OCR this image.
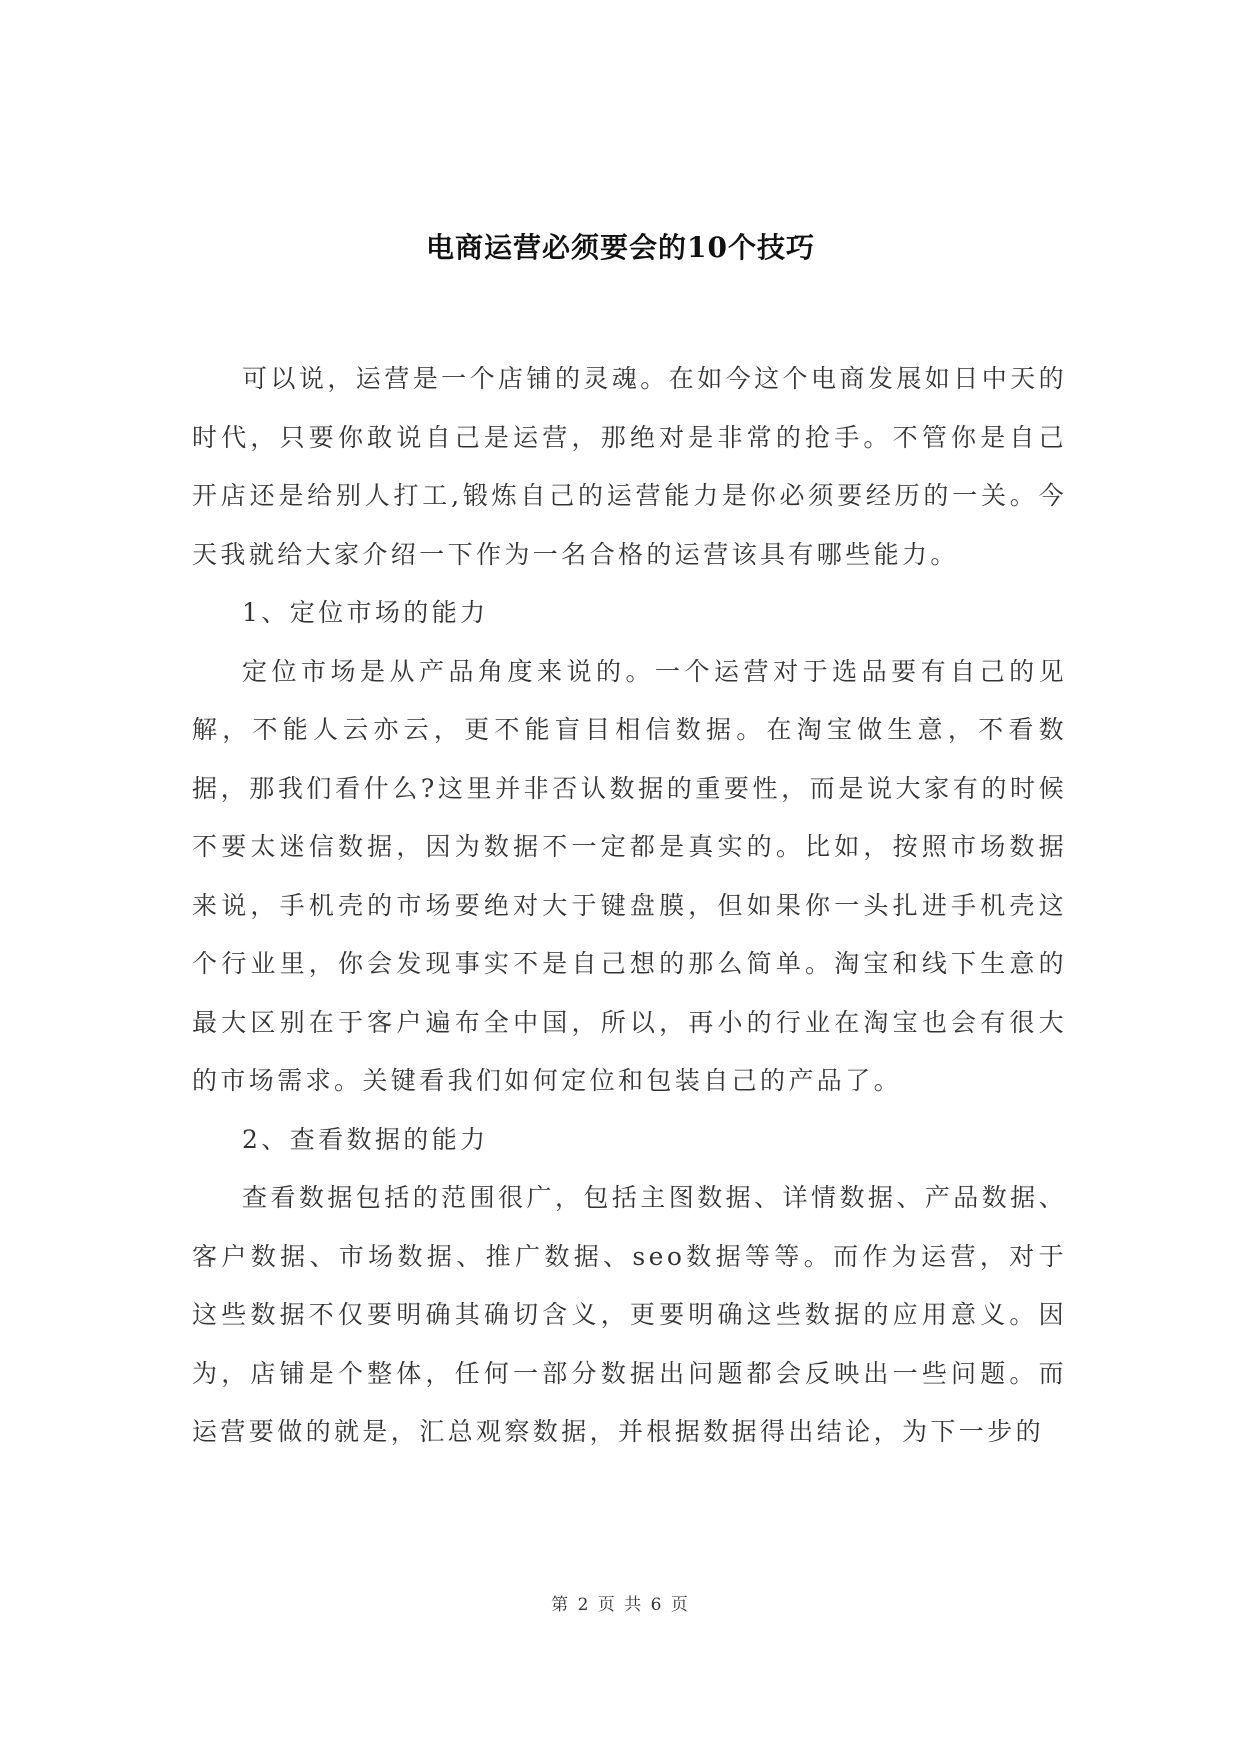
电商运营必须要会的10个技巧

可以说，运营是一个店铺的灵魂。在如今这个电商发展如日中天的时代，只要你敢说自己是运营，那绝对是非常的抢手。不管你是自己开店还是给别人打工,锻炼自己的运营能力是你必须要经历的一关。今天我就给大家介绍一下作为一名合格的运营该具有哪些能力。

1、定位市场的能力

定位市场是从产品角度来说的。一个运营对于选品要有自己的见解，不能人云亦云，更不能盲目相信数据。在淘宝做生意，不看数据，那我们看什么?这里并非否认数据的重要性，而是说大家有的时候不要太迷信数据，因为数据不一定都是真实的。比如，按照市场数据来说，手机壳的市场要绝对大于键盘膜，但如果你一头扎进手机壳这个行业里，你会发现事实不是自己想的那么简单。淘宝和线下生意的最大区别在于客户遍布全中国，所以，再小的行业在淘宝也会有很大的市场需求。关键看我们如何定位和包装自己的产品了。

2、查看数据的能力

查看数据包括的范围很广，包括主图数据、详情数据、产品数据、客户数据、市场数据、推广数据、seo数据等等。而作为运营，对于这些数据不仅要明确其确切含义，更要明确这些数据的应用意义。因为，店铺是个整体，任何一部分数据出问题都会反映出一些问题。而运营要做的就是，汇总观察数据，并根据数据得出结论，为下一步的

第 2 页 共 6 页
